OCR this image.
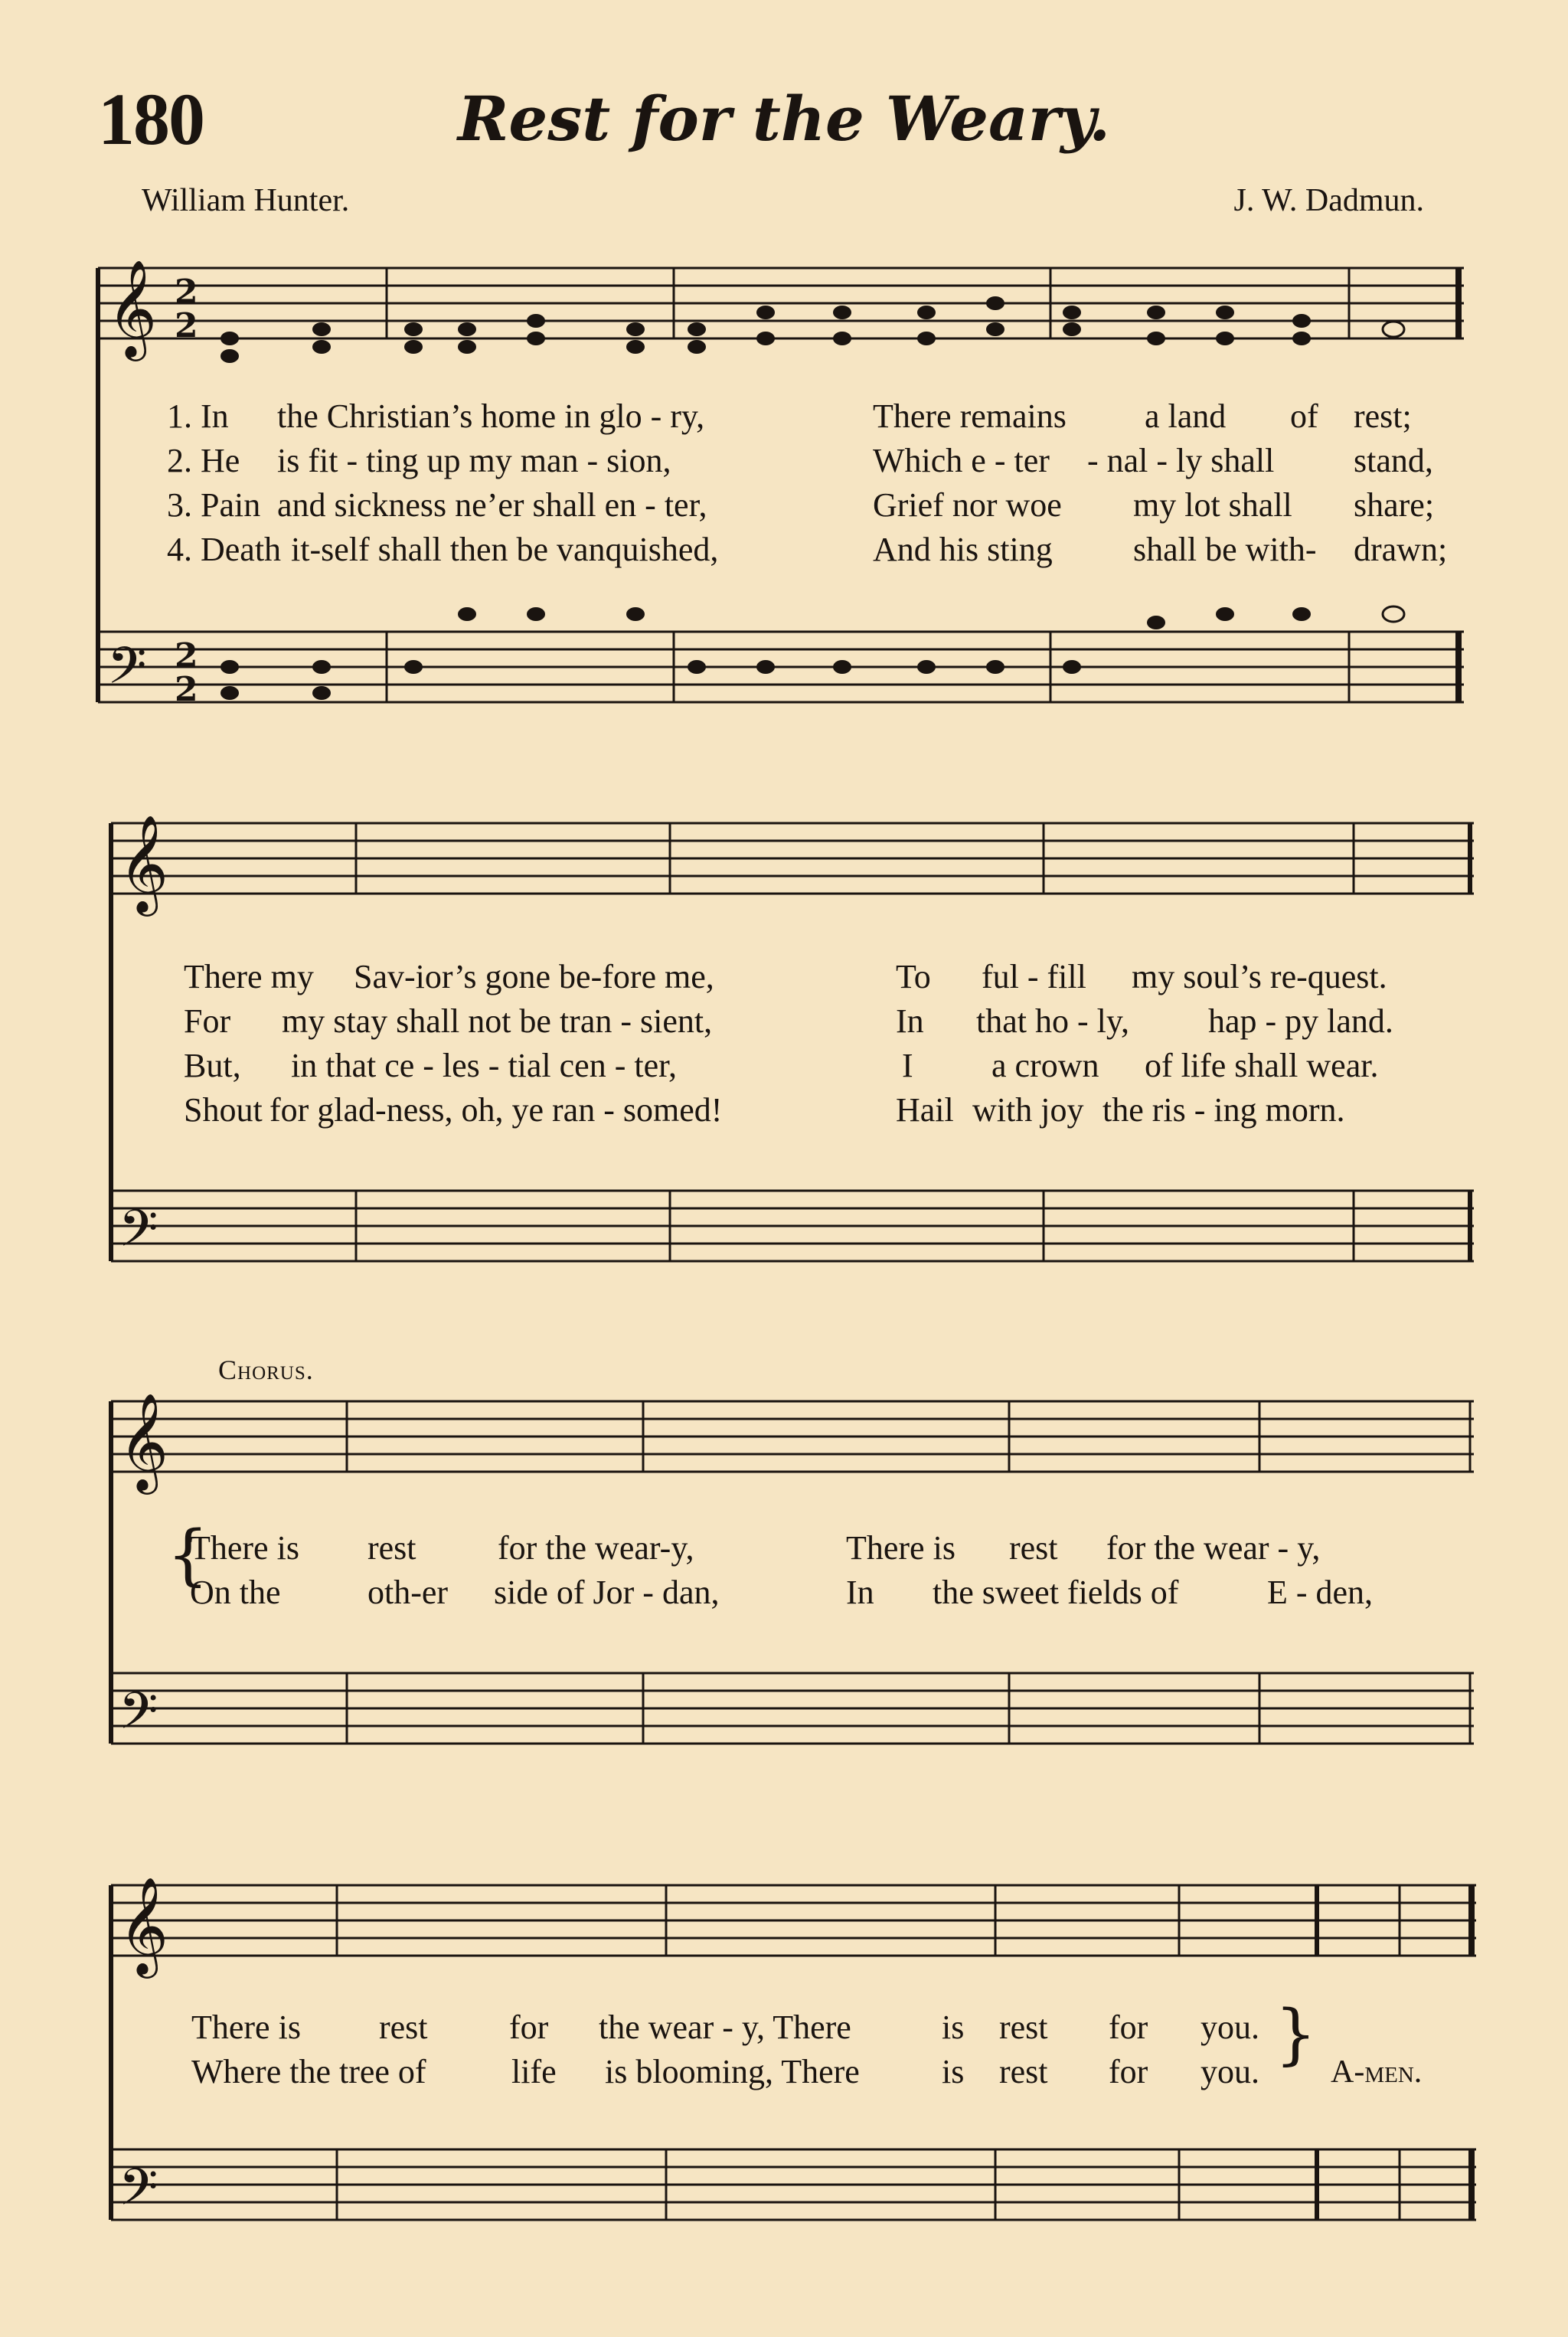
180	Rest for the Weary.
William Hunter.	J. W. Dadmun.
𝄞
𝄢
2
2
2
2
𝄞
𝄢
𝄞
𝄢
𝄞
𝄢
1. In the Christian’s home in glo - ry,	There remains a land of rest;
2. He is fit - ting up my man - sion,	Which e - ter - nal - ly shall stand,
3. Pain and sickness ne’er shall en - ter,	Grief nor woe my lot shall share;
4. Death it-self shall then be vanquished,	And his sting shall be with- drawn;
There my Sav-ior’s gone be-fore me,	To ful - fill my soul’s re-quest.
For my stay shall not be tran - sient,	In that ho - ly, hap - py land.
But, in that ce - les - tial cen - ter,	I a crown of life shall wear.
Shout for glad-ness, oh, ye ran - somed!	Hail with joy the ris - ing morn.
Chorus.
{
There is rest for the wear-y,	There is rest for the wear - y,
On the	oth-er side of Jor - dan,	In the sweet fields of	E - den,
There is rest for the wear - y, There	is rest for you.
Where the tree of	life is blooming, There is rest for you. } A-men.
